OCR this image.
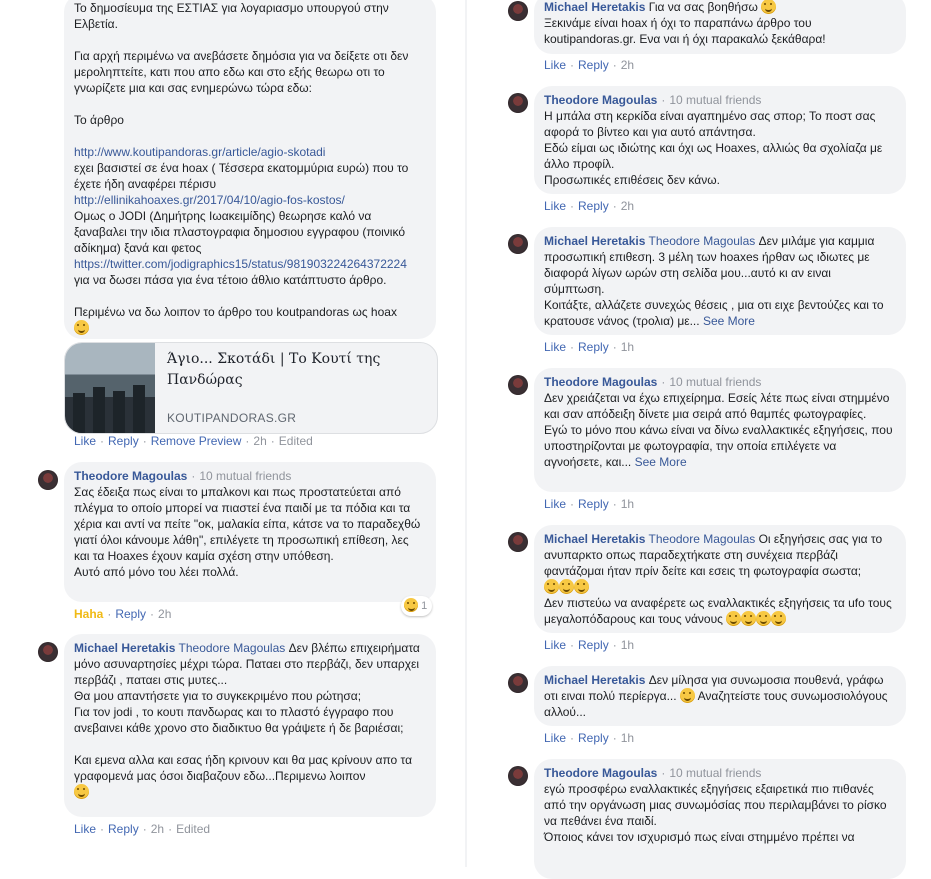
Το δημοσίευμα της ΕΣΤΙΑΣ για λογαριασμο υπουργού στην Ελβετία.

Για αρχή περιμένω να ανεβάσετε δημόσια για να δείξετε οτι δεν μεροληπτείτε, κατι που απο εδω και στο εξής θεωρω οτι το γνωρίζετε μια και σας ενημερώνω τώρα εδω:

Το άρθρο

http://www.koutipandoras.gr/article/agio-skotadi
εχει βασιστεί σε ένα hoax ( Τέσσερα εκατομμύρια ευρώ) που το έχετε ήδη αναφέρει πέρισυ
http://ellinikahoaxes.gr/2017/04/10/agio-fos-kostos/
Ομως ο JODI (Δημήτρης Ιωακειμίδης) θεωρησε καλό να ξαναβαλει την ιδια πλαστογραφια δημοσιου εγγραφου (ποινικό αδίκημα) ξανά και φετος
https://twitter.com/jodigraphics15/status/981903224264372224
για να δωσει πάσα για ένα τέτοιο άθλιο κατάπτυστο άρθρο.

Περιμένω να δω λοιπον το άρθρο του koutpandoras ως hoax

Άγιο... Σκοτάδι | Το Κουτί της Πανδώρας
KOUTIPANDORAS.GR
Like · Reply · Remove Preview · 2h · Edited

Theodore Magoulas · 10 mutual friends

Σας έδειξα πως είναι το μπαλκονι και πως προστατεύεται από πλέγμα το οποίο μπορεί να πιαστεί ένα παιδί με τα πόδια και τα χέρια και αντί να πείτε "οκ, μαλακία είπα, κάτσε να το παραδεχθώ γιατί όλοι κάνουμε λάθη", επιλέγετε τη προσωπική επίθεση, λες και τα Hoaxes έχουν καμία σχέση στην υπόθεση.
Αυτό από μόνο του λέει πολλά.

Haha · Reply · 2h
1

Michael Heretakis Theodore Magoulas Δεν βλέπω επιχειρήματα μόνο ασυναρτησίες μέχρι τώρα. Παταει στο περβάζι, δεν υπαρχει περβάζι , παταει στις μυτες...
Θα μου απαντήσετε για το συγκεκριμένο που ρώτησα;
Για τον jodi , το κουτι πανδωρας και το πλαστό έγγραφο που ανεβαινει κάθε χρονο στο διαδικτυο θα γράψετε ή δε βαριέσαι;

Και εμενα αλλα και εσας ήδη κρινουν και θα μας κρίνουν απο τα γραφομενά μας όσοι διαβαζουν εδω...Περιμενω λοιπον

Like · Reply · 2h · Edited

Michael Heretakis Για να σας βοηθήσω
Ξεκινάμε είναι hoax ή όχι το παραπάνω άρθρο του koutipandoras.gr. Ενα ναι ή όχι παρακαλώ ξεκάθαρα!

Like · Reply · 2h

Theodore Magoulas · 10 mutual friends

Η μπάλα στη κερκίδα είναι αγαπημένο σας σπορ; Το ποστ σας αφορά το βίντεο και για αυτό απάντησα.
Εδώ είμαι ως ιδιώτης και όχι ως Hoaxes, αλλιώς θα σχολίαζα με άλλο προφίλ.
Προσωπικές επιθέσεις δεν κάνω.

Like · Reply · 2h

Michael Heretakis Theodore Magoulas Δεν μιλάμε για καμμια προσωπική επιθεση. 3 μέλη των hoaxes ήρθαν ως ιδιωτες με διαφορά λίγων ωρών στη σελίδα μου...αυτό κι αν ειναι σύμπτωση.
Κοιτάξτε, αλλάζετε συνεχώς θέσεις , μια οτι ειχε βεντούζες και το κρατουσε νάνος (τρολια) με... See More

Like · Reply · 1h

Theodore Magoulas · 10 mutual friends

Δεν χρειάζεται να έχω επιχείρημα. Εσείς λέτε πως είναι στημμένο και σαν απόδειξη δίνετε μια σειρά από θαμπές φωτογραφίες.
Εγώ το μόνο που κάνω είναι να δίνω εναλλακτικές εξηγήσεις, που υποστηρίζονται με φωτογραφία, την οποία επιλέγετε να αγνοήσετε, και... See More

Like · Reply · 1h

Michael Heretakis Theodore Magoulas Οι εξηγήσεις σας για το ανυπαρκτο οπως παραδεχτήκατε στη συνέχεια περβάζι φαντάζομαι ήταν πρίν δείτε και εσεις τη φωτογραφία σωστα;

Δεν πιστεύω να αναφέρετε ως εναλλακτικές εξηγήσεις τα ufo τους μεγαλοπόδαρους και τους νάνους

Like · Reply · 1h

Michael Heretakis Δεν μίλησα για συνωμοσια πουθενά, γράφω οτι ειναι πολύ περίεργα... Αναζητείστε τους συνωμοσιολόγους αλλού...

Like · Reply · 1h

Theodore Magoulas · 10 mutual friends

εγώ προσφέρω εναλλακτικές εξηγήσεις εξαιρετικά πιο πιθανές από την οργάνωση μιας συνωμόσίας που περιλαμβάνει το ρίσκο να πεθάνει ένα παιδί.
Όποιος κάνει τον ισχυρισμό πως είναι στημμένο πρέπει να
